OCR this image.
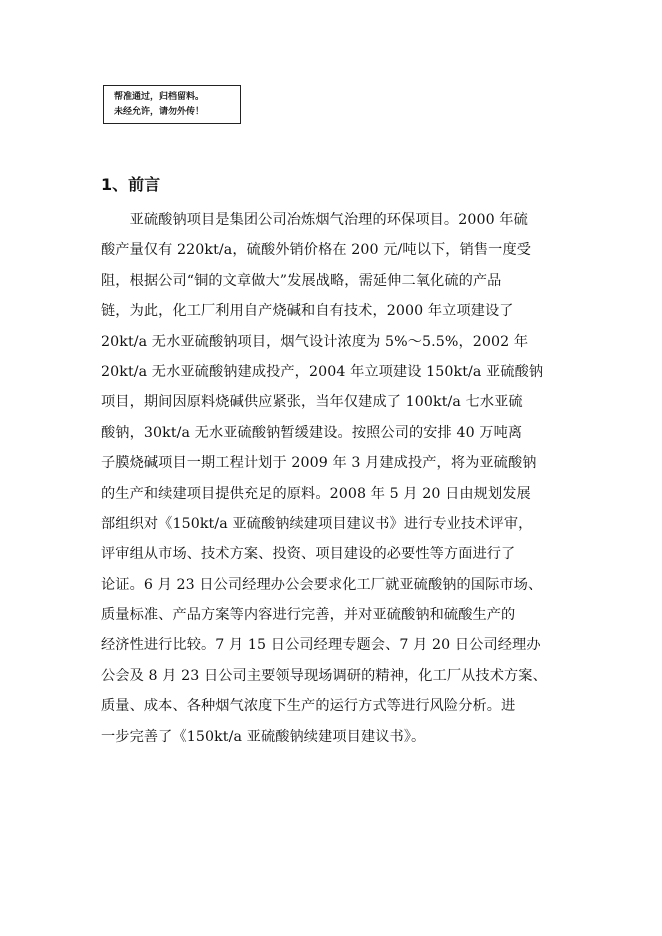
帮准通过，归档留料。
未经允许，请勿外传！
1、前言
　　亚硫酸钠项目是集团公司冶炼烟气治理的环保项目。2000 年硫
酸产量仅有 220kt/a，硫酸外销价格在 200 元/吨以下，销售一度受
阻，根据公司“铜的文章做大”发展战略，需延伸二氧化硫的产品
链，为此，化工厂利用自产烧碱和自有技术，2000 年立项建设了
20kt/a 无水亚硫酸钠项目，烟气设计浓度为 5%～5.5%，2002 年
20kt/a 无水亚硫酸钠建成投产，2004 年立项建设 150kt/a 亚硫酸钠
项目，期间因原料烧碱供应紧张，当年仅建成了 100kt/a 七水亚硫
酸钠，30kt/a 无水亚硫酸钠暂缓建设。按照公司的安排 40 万吨离
子膜烧碱项目一期工程计划于 2009 年 3 月建成投产，将为亚硫酸钠
的生产和续建项目提供充足的原料。2008 年 5 月 20 日由规划发展
部组织对《150kt/a 亚硫酸钠续建项目建议书》进行专业技术评审，
评审组从市场、技术方案、投资、项目建设的必要性等方面进行了
论证。6 月 23 日公司经理办公会要求化工厂就亚硫酸钠的国际市场、
质量标准、产品方案等内容进行完善，并对亚硫酸钠和硫酸生产的
经济性进行比较。7 月 15 日公司经理专题会、7 月 20 日公司经理办
公会及 8 月 23 日公司主要领导现场调研的精神，化工厂从技术方案、
质量、成本、各种烟气浓度下生产的运行方式等进行风险分析。进
一步完善了《150kt/a 亚硫酸钠续建项目建议书》。
